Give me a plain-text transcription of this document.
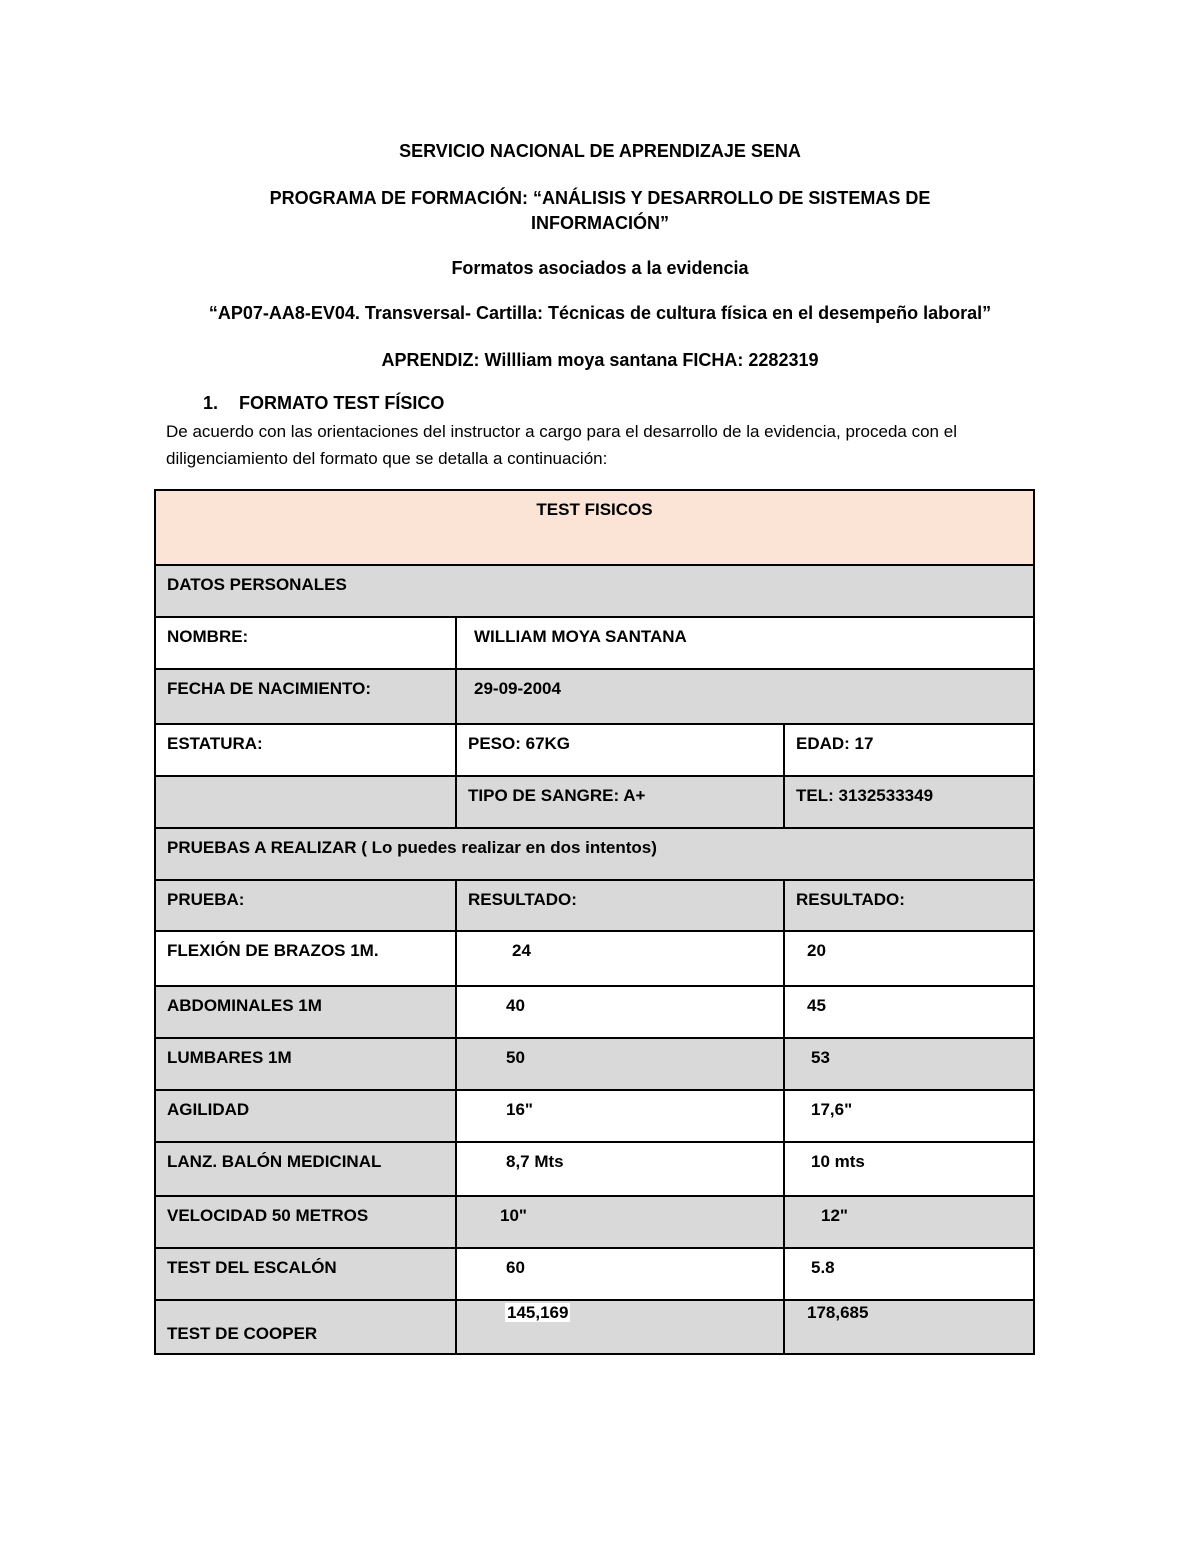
SERVICIO NACIONAL DE APRENDIZAJE SENA
PROGRAMA DE FORMACIÓN: “ANÁLISIS Y DESARROLLO DE SISTEMAS DE
INFORMACIÓN”
Formatos asociados a la evidencia
“AP07-AA8-EV04. Transversal- Cartilla: Técnicas de cultura física en el desempeño laboral”
APRENDIZ: Willliam moya santana FICHA: 2282319
1. FORMATO TEST FÍSICO
De acuerdo con las orientaciones del instructor a cargo para el desarrollo de la evidencia, proceda con el diligenciamiento del formato que se detalla a continuación:
TEST FISICOS		
DATOS PERSONALES		
NOMBRE:	WILLIAM MOYA SANTANA	
FECHA DE NACIMIENTO:	29-09-2004	
ESTATURA:	PESO: 67KG	EDAD: 17
	TIPO DE SANGRE: A+	TEL: 3132533349
PRUEBAS A REALIZAR ( Lo puedes realizar en dos intentos)		
PRUEBA:	RESULTADO:	RESULTADO:
FLEXIÓN DE BRAZOS 1M.	24	20
ABDOMINALES 1M	40	45
LUMBARES 1M	50	53
AGILIDAD	16"	17,6"
LANZ. BALÓN MEDICINAL	8,7 Mts	10 mts
VELOCIDAD 50 METROS	10"	12"
TEST DEL ESCALÓN	60	5.8
TEST DE COOPER	145,169	178,685
